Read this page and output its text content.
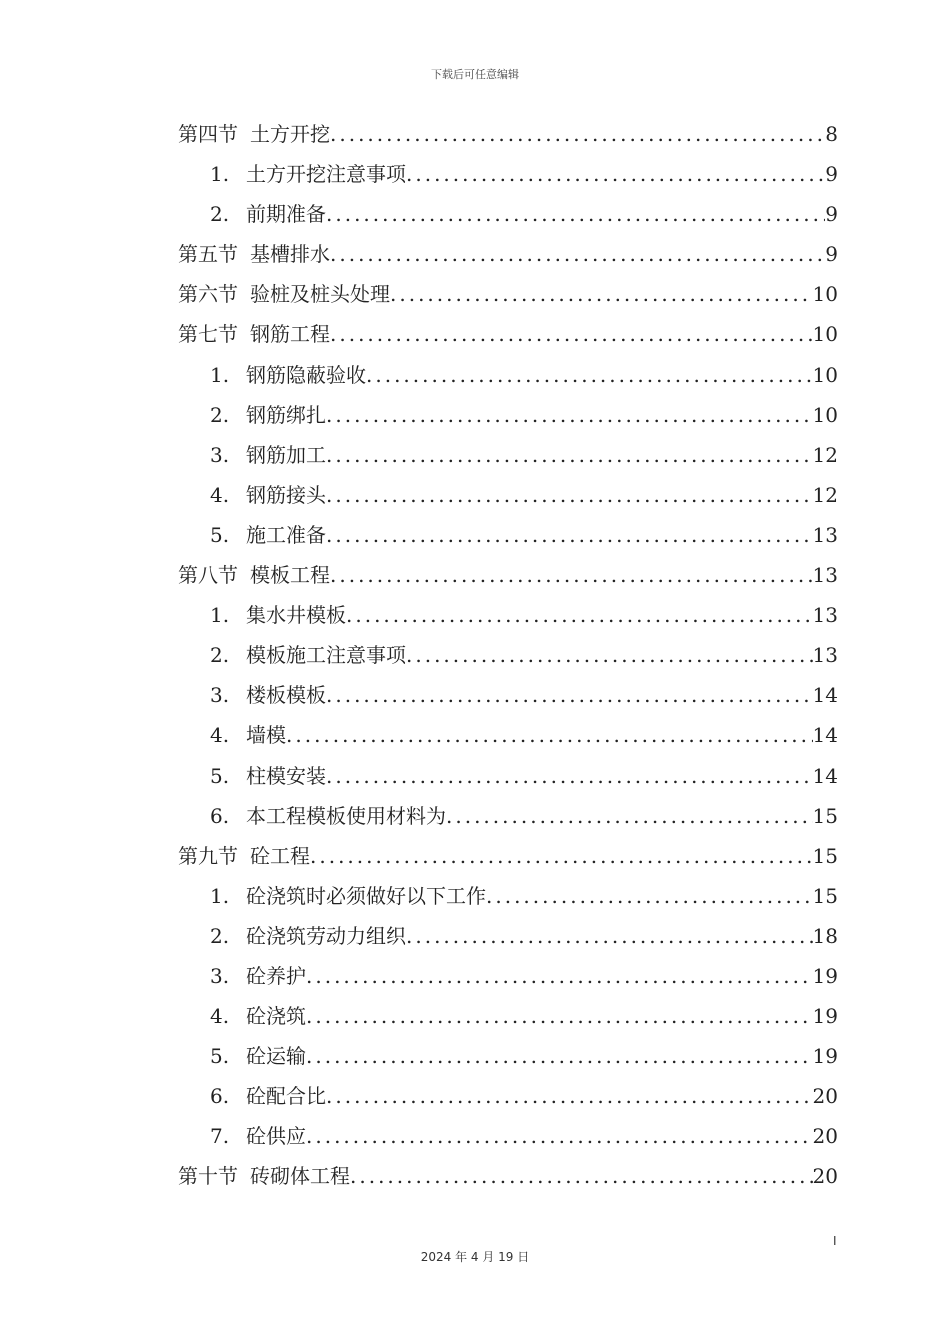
下载后可任意编辑
第四节 土方开挖 .....	8
1. 土方开挖注意事项 .....	9
2. 前期准备 .....	9
第五节 基槽排水 .....	9
第六节 验桩及桩头处理 .....	10
第七节 钢筋工程 .....	10
1. 钢筋隐蔽验收 .....	10
2. 钢筋绑扎 .....	10
3. 钢筋加工 .....	12
4. 钢筋接头 .....	12
5. 施工准备 .....	13
第八节 模板工程 .....	13
1. 集水井模板 .....	13
2. 模板施工注意事项 .....	13
3. 楼板模板 .....	14
4. 墙模 .....	14
5. 柱模安装 .....	14
6. 本工程模板使用材料为 .....	15
第九节 砼工程 .....	15
1. 砼浇筑时必须做好以下工作 .....	15
2. 砼浇筑劳动力组织 .....	18
3. 砼养护 .....	19
4. 砼浇筑 .....	19
5. 砼运输 .....	19
6. 砼配合比 .....	20
7. 砼供应 .....	20
第十节 砖砌体工程 .....	20
I
2024 年 4 月 19 日
